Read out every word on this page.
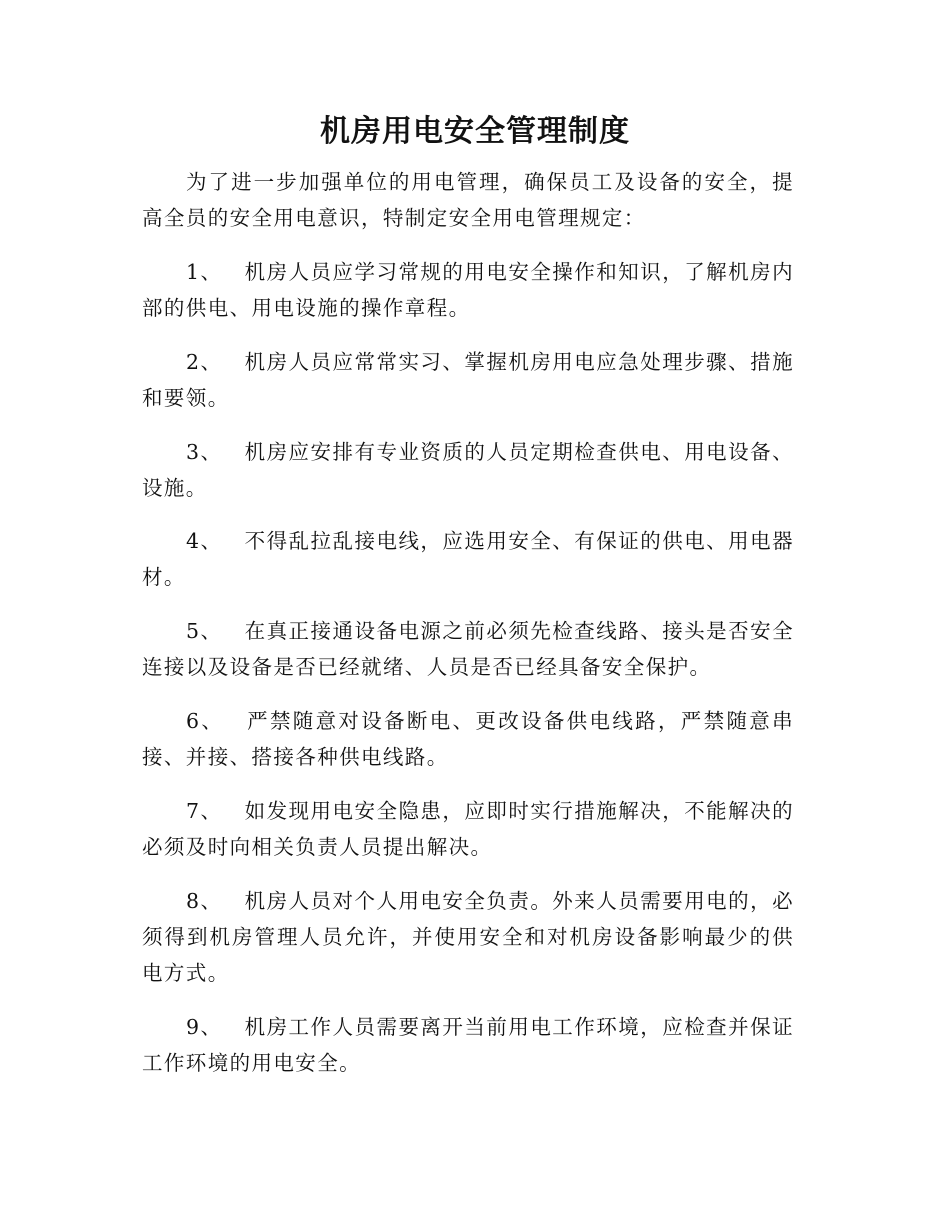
机房用电安全管理制度

为了进一步加强单位的用电管理，确保员工及设备的安全，提高全员的安全用电意识，特制定安全用电管理规定：

1、 机房人员应学习常规的用电安全操作和知识，了解机房内部的供电、用电设施的操作章程。

2、 机房人员应常常实习、掌握机房用电应急处理步骤、措施和要领。

3、 机房应安排有专业资质的人员定期检查供电、用电设备、设施。

4、 不得乱拉乱接电线，应选用安全、有保证的供电、用电器材。

5、 在真正接通设备电源之前必须先检查线路、接头是否安全连接以及设备是否已经就绪、人员是否已经具备安全保护。

6、 严禁随意对设备断电、更改设备供电线路，严禁随意串接、并接、搭接各种供电线路。

7、 如发现用电安全隐患，应即时实行措施解决，不能解决的必须及时向相关负责人员提出解决。

8、 机房人员对个人用电安全负责。外来人员需要用电的，必须得到机房管理人员允许，并使用安全和对机房设备影响最少的供电方式。

9、 机房工作人员需要离开当前用电工作环境，应检查并保证工作环境的用电安全。
